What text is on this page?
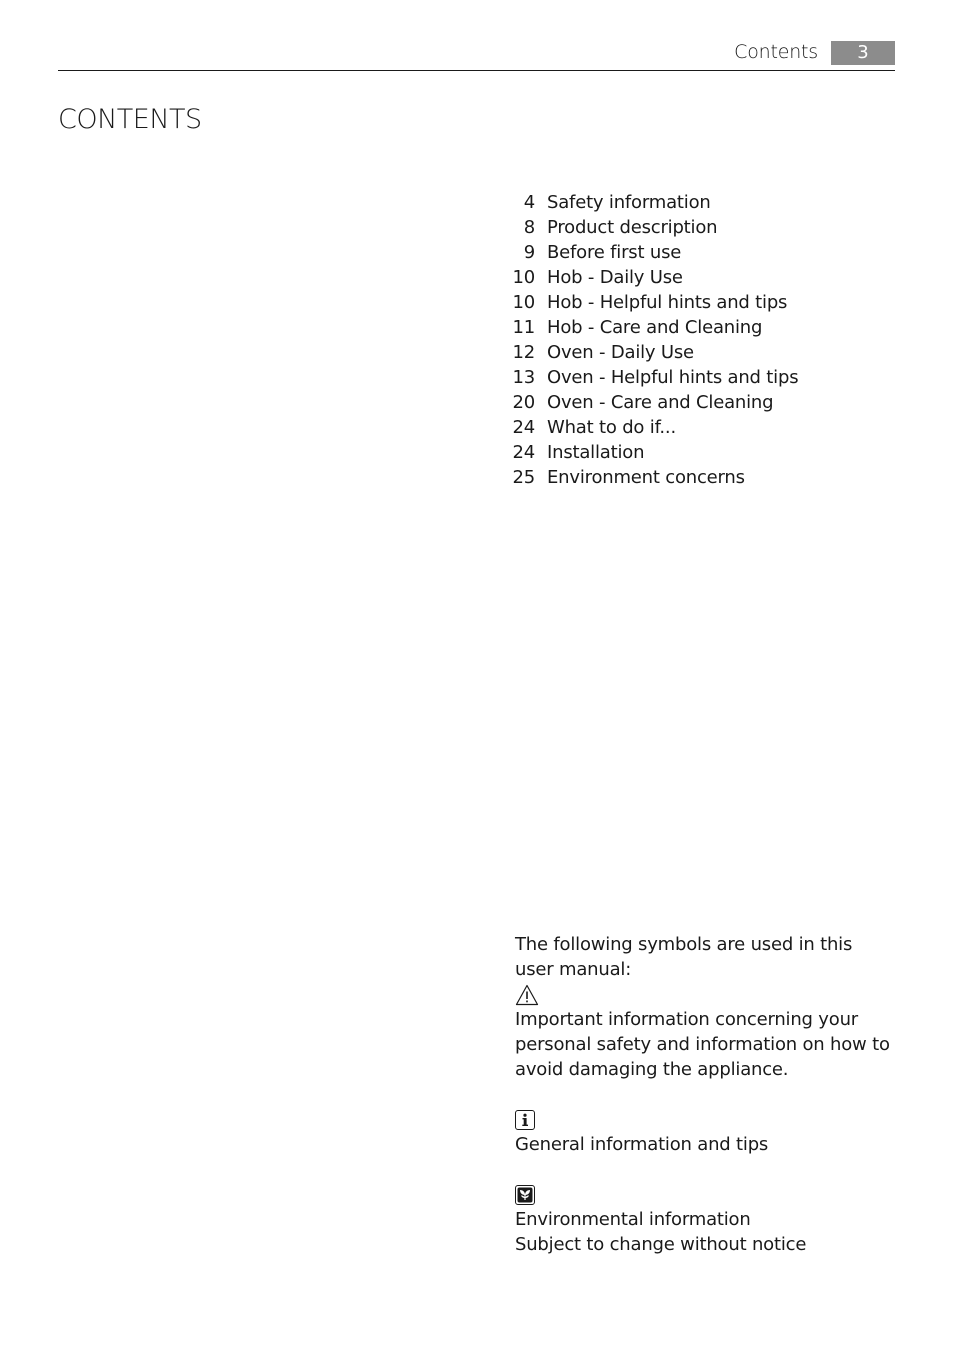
Contents	3
CONTENTS
4 Safety information
8 Product description
9 Before first use
10 Hob - Daily Use
10 Hob - Helpful hints and tips
11 Hob - Care and Cleaning
12 Oven - Daily Use
13 Oven - Helpful hints and tips
20 Oven - Care and Cleaning
24 What to do if...
24 Installation
25 Environment concerns

The following symbols are used in this user manual:

Important information concerning your personal safety and information on how to avoid damaging the appliance.

General information and tips

Environmental information

Subject to change without notice
